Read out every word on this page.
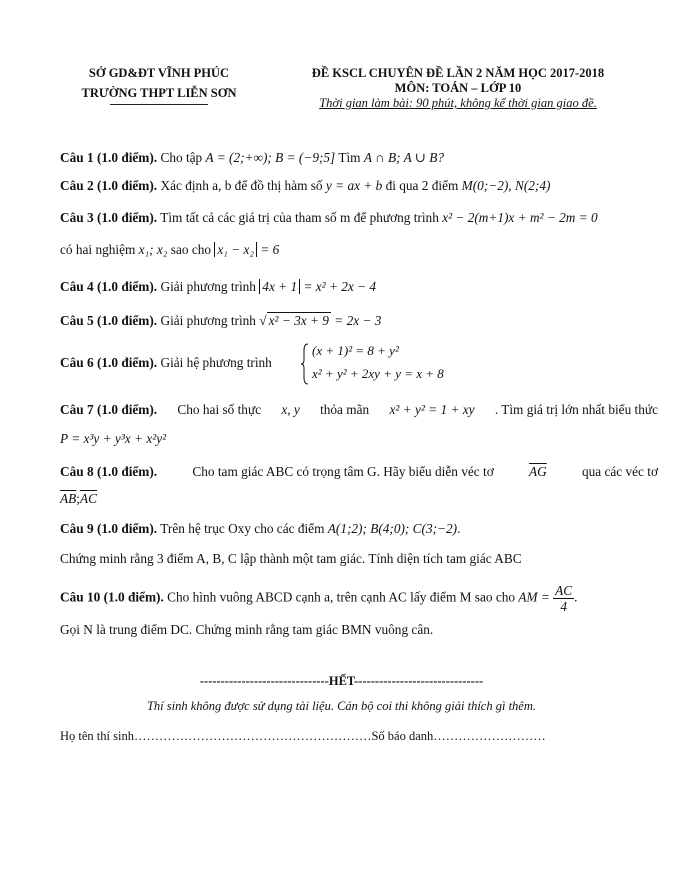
SỞ GD&ĐT VĨNH PHÚC
TRƯỜNG THPT LIỄN SƠN
ĐỀ KSCL CHUYÊN ĐỀ LẦN 2 NĂM HỌC 2017-2018
MÔN: TOÁN – LỚP 10
Thời gian làm bài: 90 phút, không kể thời gian giao đề.
Câu 1 (1.0 điểm). Cho tập A = (2;+∞); B = (−9;5] Tìm A ∩ B; A ∪ B?
Câu 2 (1.0 điểm). Xác định a, b để đồ thị hàm số y = ax + b đi qua 2 điểm M(0;−2), N(2;4)
Câu 3 (1.0 điểm). Tìm tất cả các giá trị của tham số m để phương trình x² − 2(m+1)x + m² − 2m = 0
có hai nghiệm x₁; x₂ sao cho x₁ − x₂ = 6
Câu 4 (1.0 điểm). Giải phương trình 4x + 1 = x² + 2x − 4
Câu 5 (1.0 điểm). Giải phương trình √ x² − 3x + 9 = 2x − 3
Câu 6 (1.0 điểm). Giải hệ phương trình
(x + 1)² = 8 + y²
x² + y² + 2xy + y = x + 8
Câu 7 (1.0 điểm). Cho hai số thực x, y thỏa mãn x² + y² = 1 + xy . Tìm giá trị lớn nhất biểu thức
P = x³y + y³x + x²y²
Câu 8 (1.0 điểm).	Cho tam giác ABC có trọng tâm G. Hãy biểu diễn véc tơ	$\overline{AG}$	qua các véc tơ
$\overline{AB};\overline{AC}$
Câu 9 (1.0 điểm). Trên hệ trục Oxy cho các điểm A(1;2); B(4;0); C(3;−2).
Chứng minh rằng 3 điểm A, B, C lập thành một tam giác. Tính diện tích tam giác ABC
Câu 10 (1.0 điểm). Cho hình vuông ABCD cạnh a, trên cạnh AC lấy điểm M sao cho AM = $\frac{AC}{4}$ .
Gọi N là trung điểm DC. Chứng minh rằng tam giác BMN vuông cân.
-------------------------------HẾT-------------------------------
Thí sinh không được sử dụng tài liệu. Cán bộ coi thi không giải thích gì thêm.
Họ tên thí sinh…………………………………………………Số báo danh………………………
